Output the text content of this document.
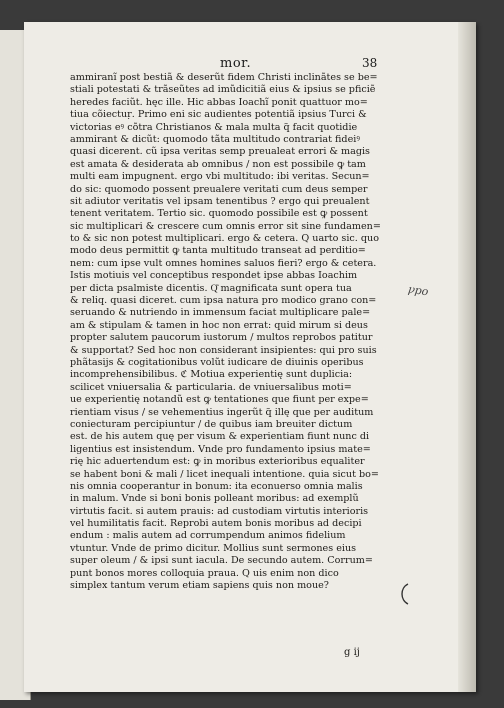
mor.	38
ammiranĩ post bestiã & deserũt fidem Christi inclinãtes se be=
stiali potestati & trãseũtes ad imũdicitiã eius & ipsius se pficiẽ
heredes faciũt. hęc ille. Hic abbas Ioachĩ ponit quattuor mo=
tiua cõiectuṛ. Primo eni sic audientes potentiã ipsius Turci &
victorias eꝰ cõtra Christianos & mala multa q̃ facit quotidie
ammirant & dicũt: quomodo tãta multitudo contrariat fideiꝰ
quasi dicerent. cũ ipsa veritas semp preualeat errori & magis
est amata & desiderata ab omnibus / non est possibile ꝙ tam
multi eam impugnent. ergo vbi multitudo: ibi veritas. Secun=
do sic: quomodo possent preualere veritati cum deus semper
sit adiutor veritatis vel ipsam tenentibus ? ergo qui preualent
tenent veritatem. Tertio sic. quomodo possibile est ꝙ possent
sic multiplicari & crescere cum omnis error sit sine fundamen=
to & sic non potest multiplicari. ergo & cetera. Q uarto sic. quo
modo deus permittit ꝙ tanta multitudo transeat ad perditio=
nem: cum ipse vult omnes homines saluos fieri? ergo & cetera.
Istis motiuis vel conceptibus respondet ipse abbas Ioachim
per dicta psalmiste dicentis. Q͂ magnificata sunt opera tua
& reliq. quasi diceret. cum ipsa natura pro modico grano con=
seruando & nutriendo in immensum faciat multiplicare pale=
am & stipulam & tamen in hoc non errat: quid mirum si deus
propter salutem paucorum iustorum / multos reprobos patitur
& supportat? Sed hoc non considerant insipientes: qui pro suis
phãtasijs & cogitationibus volũt iudicare de diuinis operibus
incomprehensibilibus. ℭ Motiua experientię sunt duplicia:
scilicet vniuersalia & particularia. de vniuersalibus moti=
ue experientię notandũ est ꝙ tentationes que fiunt per expe=
rientiam visus / se vehementius ingerũt q̃ illę que per auditum
coniecturam percipiuntur / de quibus iam breuiter dictum
est. de his autem quę per visum & experientiam fiunt nunc di
ligentius est insistendum. Vnde pro fundamento ipsius mate=
rię hic aduertendum est: ꝙ in moribus exterioribus equaliter
se habent boni & mali / licet inequali intentione. quia sicut bo=
nis omnia cooperantur in bonum: ita econuerso omnia malis
in malum. Vnde si boni bonis polleant moribus: ad exemplũ
virtutis facit. si autem prauis: ad custodiam virtutis interioris
vel humilitatis facit. Reprobi autem bonis moribus ad decipi
endum : malis autem ad corrumpendum animos fidelium
vtuntur. Vnde de primo dicitur. Mollius sunt sermones eius
super oleum / & ipsi sunt iacula. De secundo autem. Corrum=
punt bonos mores colloquia praua. Q uis enim non dico
simplex tantum verum etiam sapiens quis non moue?
ꝩpo
g ij
